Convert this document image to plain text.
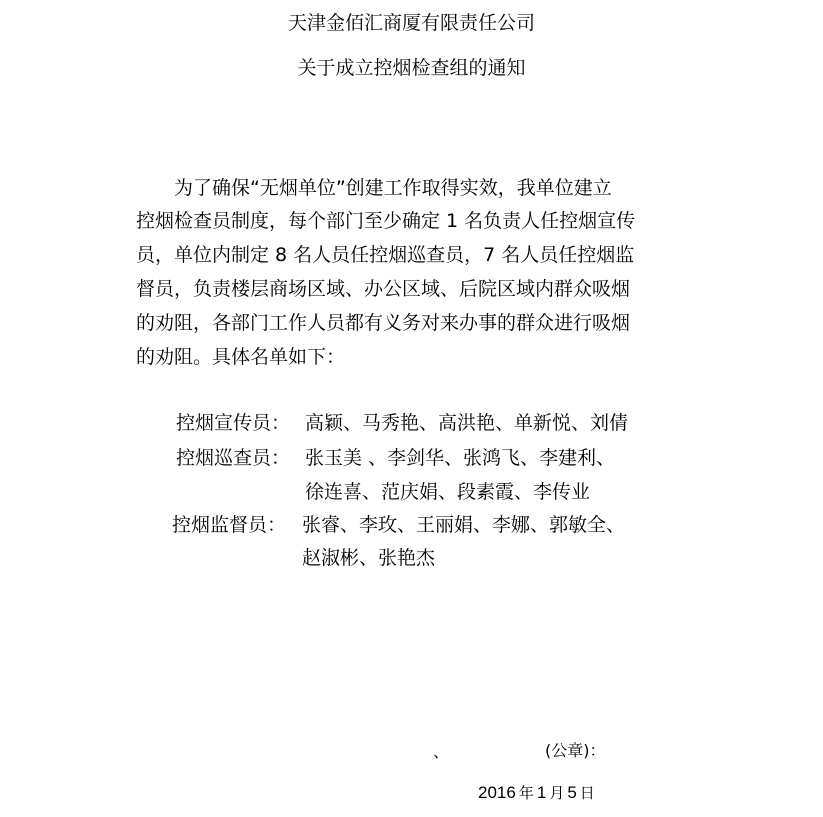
天津金佰汇商厦有限责任公司
关于成立控烟检查组的通知

　　为了确保“无烟单位”创建工作取得实效，我单位建立

控烟检查员制度，每个部门至少确定 1 名负责人任控烟宣传

员，单位内制定 8 名人员任控烟巡查员，7 名人员任控烟监

督员，负责楼层商场区域、办公区域、后院区域内群众吸烟

的劝阻，各部门工作人员都有义务对来办事的群众进行吸烟

的劝阻。具体名单如下：

控烟宣传员： 高颖、马秀艳、高洪艳、单新悦、刘倩
控烟巡查员： 张玉美 、李剑华、张鸿飞、李建利、
徐连喜、范庆娟、段素霞、李传业
控烟监督员： 张睿、李玫、王丽娟、李娜、郭敏全、
赵淑彬、张艳杰
、	(公章)：
2016 年 1 月 5 日
